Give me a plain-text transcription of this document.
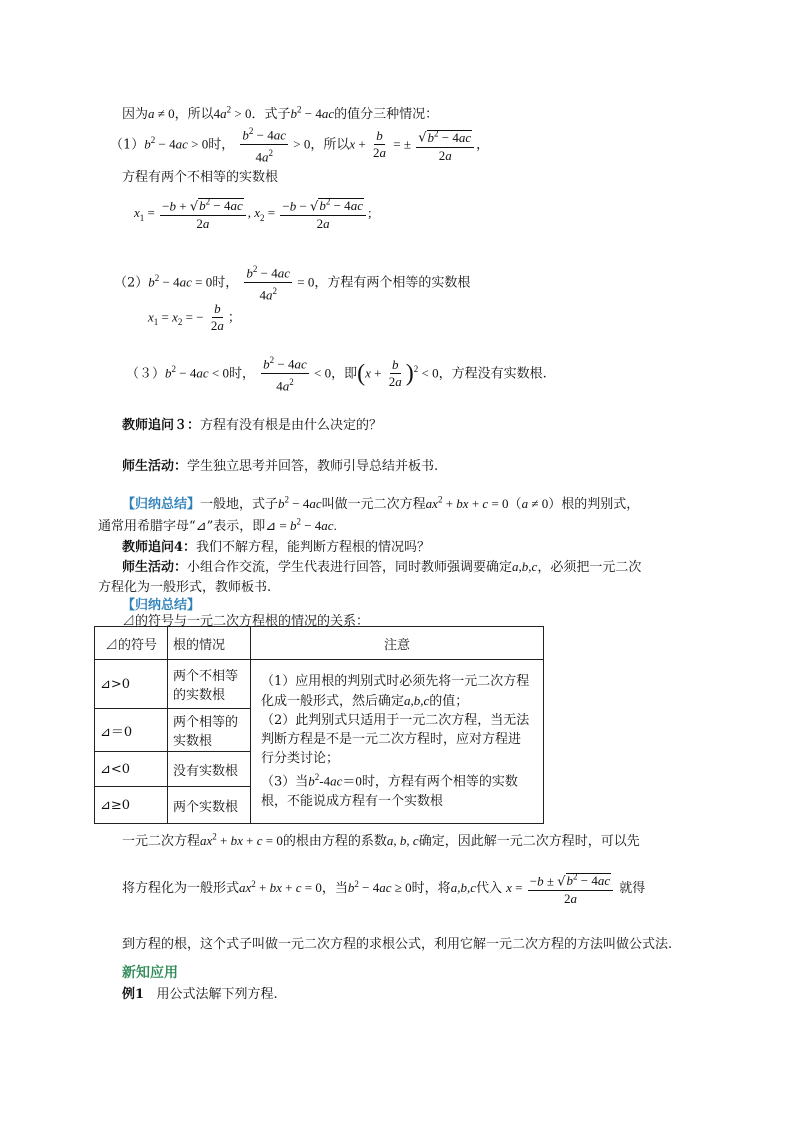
因为a ≠ 0，所以$4a^2 > 0$．式子$b^2 - 4ac$的值分三种情况：
$(1)b^2 - 4ac > 0$时， $\frac{b^2 - 4ac}{4a^2} > 0$，所以$x + \frac{b}{2a}$ = ± $\frac{√b^2 - 4ac}{2a}$ ，
方程有两个不相等的实数根
$x_1 = \frac{-b + √b^2 - 4ac}{2a}$ , $x_2 = \frac{-b - √b^2 - 4ac}{2a}$ ;
$(2)b^2 - 4ac = 0$时， $\frac{b^2 - 4ac}{4a^2} = 0$，方程有两个相等的实数根
$x_1 = x_2$ = − $\frac{b}{2a}$ ；
$(3)b^2 - 4ac < 0$时， $\frac{b^2 - 4ac}{4a^2} < 0$，即$(x + \frac{b}{2a} )^2 < 0$，方程没有实数根.
教师追问３：方程有没有根是由什么决定的？
师生活动：学生独立思考并回答，教师引导总结并板书.
【归纳总结】一般地，式子$b^2 - 4ac$叫做一元二次方程$ax^2$ + bx + c = 0（a ≠ 0）根的判别式，
通常用希腊字母“⊿”表示，即⊿ = $b^2 - 4ac$.
教师追问4：我们不解方程，能判断方程根的情况吗？
师生活动：小组合作交流，学生代表进行回答，同时教师强调要确定a,b,c，必须把一元二次
方程化为一般形式，教师板书.
【归纳总结】
⊿的符号与一元二次方程根的情况的关系：
⊿的符号	根的情况	注意
⊿>0	两个不相等的实数根	（1）应用根的判别式时必须先将一元二次方程化成一般形式，然后确定a,b,c的值；
（2）此判别式只适用于一元二次方程，当无法判断方程是不是一元二次方程时，应对方程进行分类讨论；
（3）当$b^2-4ac=0$时，方程有两个相等的实数根，不能说成方程有一个实数根

⊿＝0	两个相等的实数根	
⊿<0	没有实数根	
⊿≥0	两个实数根	
一元二次方程$ax^2$ + bx + c = 0的根由方程的系数a, b, c确定，因此解一元二次方程时，可以先
将方程化为一般形式$ax^2$ + bx + c = 0，当$b^2 - 4ac \ge 0$时，将a,b,c代入 $x = \frac{-b \pm √b^2 - 4ac}{2a}$ 就得
到方程的根，这个式子叫做一元二次方程的求根公式，利用它解一元二次方程的方法叫做公式法.
新知应用
例1 用公式法解下列方程.
